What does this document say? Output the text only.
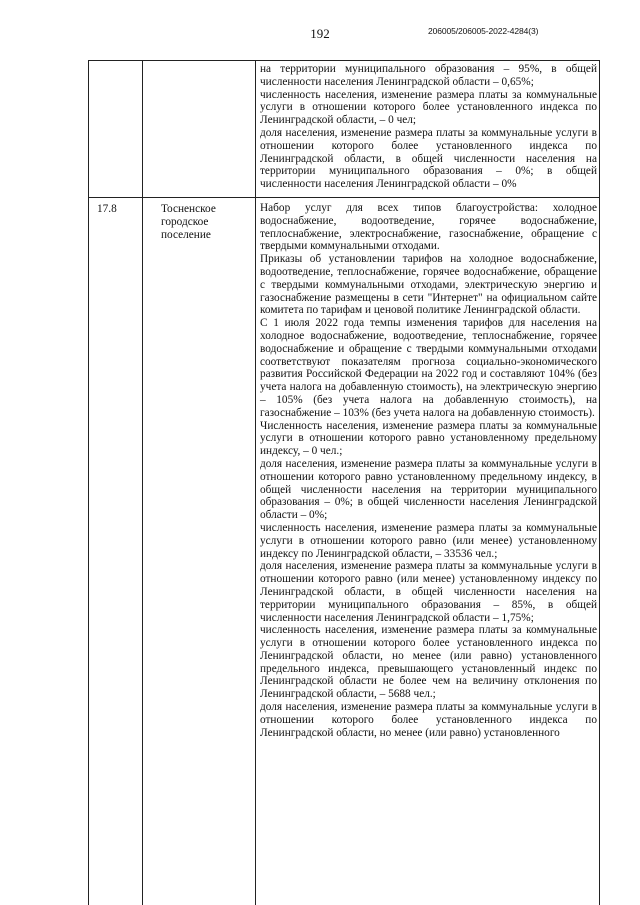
192	206005/206005-2022-4284(3)

на территории муниципального образования – 95%, в общей численности населения Ленинградской области – 0,65%;

численность населения, изменение размера платы за коммунальные услуги в отношении которого более установленного индекса по Ленинградской области, – 0 чел;

доля населения, изменение размера платы за коммунальные услуги в отношении которого более установленного индекса по Ленинградской области, в общей численности населения на территории муниципального образования – 0%; в общей численности населения Ленинградской области – 0%

17.8	Тосненское городское поселение

Набор услуг для всех типов благоустройства: холодное водоснабжение, водоотведение, горячее водоснабжение, теплоснабжение, электроснабжение, газоснабжение, обращение с твердыми коммунальными отходами.

Приказы об установлении тарифов на холодное водоснабжение, водоотведение, теплоснабжение, горячее водоснабжение, обращение с твердыми коммунальными отходами, электрическую энергию и газоснабжение размещены в сети "Интернет" на официальном сайте комитета по тарифам и ценовой политике Ленинградской области.

С 1 июля 2022 года темпы изменения тарифов для населения на холодное водоснабжение, водоотведение, теплоснабжение, горячее водоснабжение и обращение с твердыми коммунальными отходами соответствуют показателям прогноза социально-экономического развития Российской Федерации на 2022 год и составляют 104% (без учета налога на добавленную стоимость), на электрическую энергию – 105% (без учета налога на добавленную стоимость), на газоснабжение – 103% (без учета налога на добавленную стоимость).

Численность населения, изменение размера платы за коммунальные услуги в отношении которого равно установленному предельному индексу, – 0 чел.;

доля населения, изменение размера платы за коммунальные услуги в отношении которого равно установленному предельному индексу, в общей численности населения на территории муниципального образования – 0%; в общей численности населения Ленинградской области – 0%;

численность населения, изменение размера платы за коммунальные услуги в отношении которого равно (или менее) установленному индексу по Ленинградской области, – 33536 чел.;

доля населения, изменение размера платы за коммунальные услуги в отношении которого равно (или менее) установленному индексу по Ленинградской области, в общей численности населения на территории муниципального образования – 85%, в общей численности населения Ленинградской области – 1,75%;

численность населения, изменение размера платы за коммунальные услуги в отношении которого более установленного индекса по Ленинградской области, но менее (или равно) установленного предельного индекса, превышающего установленный индекс по Ленинградской области не более чем на величину отклонения по Ленинградской области, – 5688 чел.;

доля населения, изменение размера платы за коммунальные услуги в отношении которого более установленного индекса по Ленинградской области, но менее (или равно) установленного
